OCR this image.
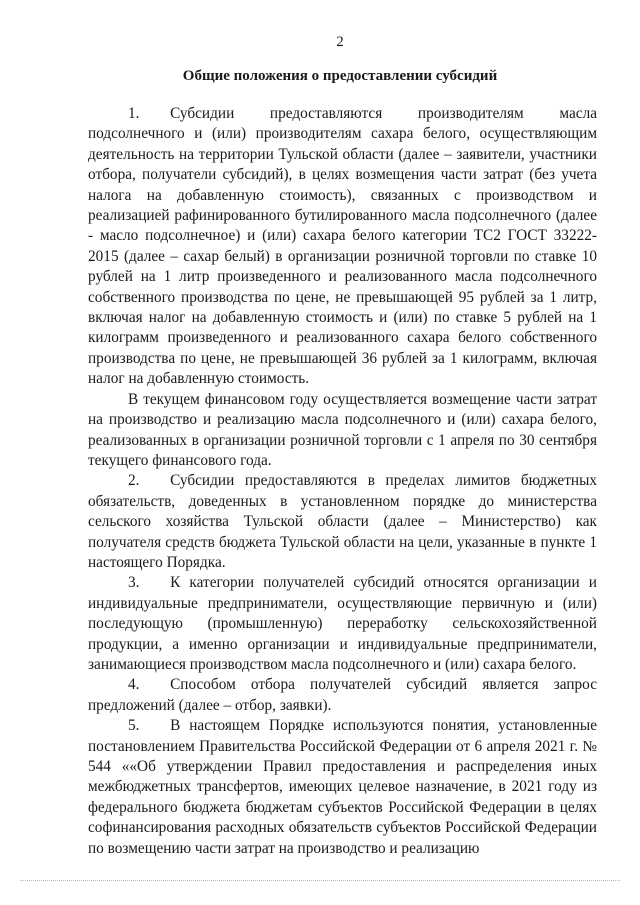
2
Общие положения о предоставлении субсидий

1.  Субсидии предоставляются производителям масла подсолнечного и (или) производителям сахара белого, осуществляющим деятельность на территории Тульской области (далее – заявители, участники отбора, получатели субсидий), в целях возмещения части затрат (без учета налога на добавленную стоимость), связанных с производством и реализацией рафинированного бутилированного масла подсолнечного (далее - масло подсолнечное) и (или) сахара белого категории ТС2 ГОСТ 33222-2015 (далее – сахар белый) в организации розничной торговли по ставке 10 рублей на 1 литр произведенного и реализованного масла подсолнечного собственного производства по цене, не превышающей 95 рублей за 1 литр, включая налог на добавленную стоимость и (или) по ставке 5 рублей на 1 килограмм произведенного и реализованного сахара белого собственного производства по цене, не превышающей 36 рублей за 1 килограмм, включая налог на добавленную стоимость.

В текущем финансовом году осуществляется возмещение части затрат на производство и реализацию масла подсолнечного и (или) сахара белого, реализованных в организации розничной торговли с 1 апреля по 30 сентября текущего финансового года.

2.  Субсидии предоставляются в пределах лимитов бюджетных обязательств, доведенных в установленном порядке до министерства сельского хозяйства Тульской области (далее – Министерство) как получателя средств бюджета Тульской области на цели, указанные в пункте 1 настоящего Порядка.

3.  К категории получателей субсидий относятся организации и индивидуальные предприниматели, осуществляющие первичную и (или) последующую (промышленную) переработку сельскохозяйственной продукции, а именно организации и индивидуальные предприниматели, занимающиеся производством масла подсолнечного и (или) сахара белого.

4.  Способом отбора получателей субсидий является запрос предложений (далее – отбор, заявки).

5.  В настоящем Порядке используются понятия, установленные постановлением Правительства Российской Федерации от 6 апреля 2021 г. № 544 ««Об утверждении Правил предоставления и распределения иных межбюджетных трансфертов, имеющих целевое назначение, в 2021 году из федерального бюджета бюджетам субъектов Российской Федерации в целях софинансирования расходных обязательств субъектов Российской Федерации по возмещению части затрат на производство и реализацию
